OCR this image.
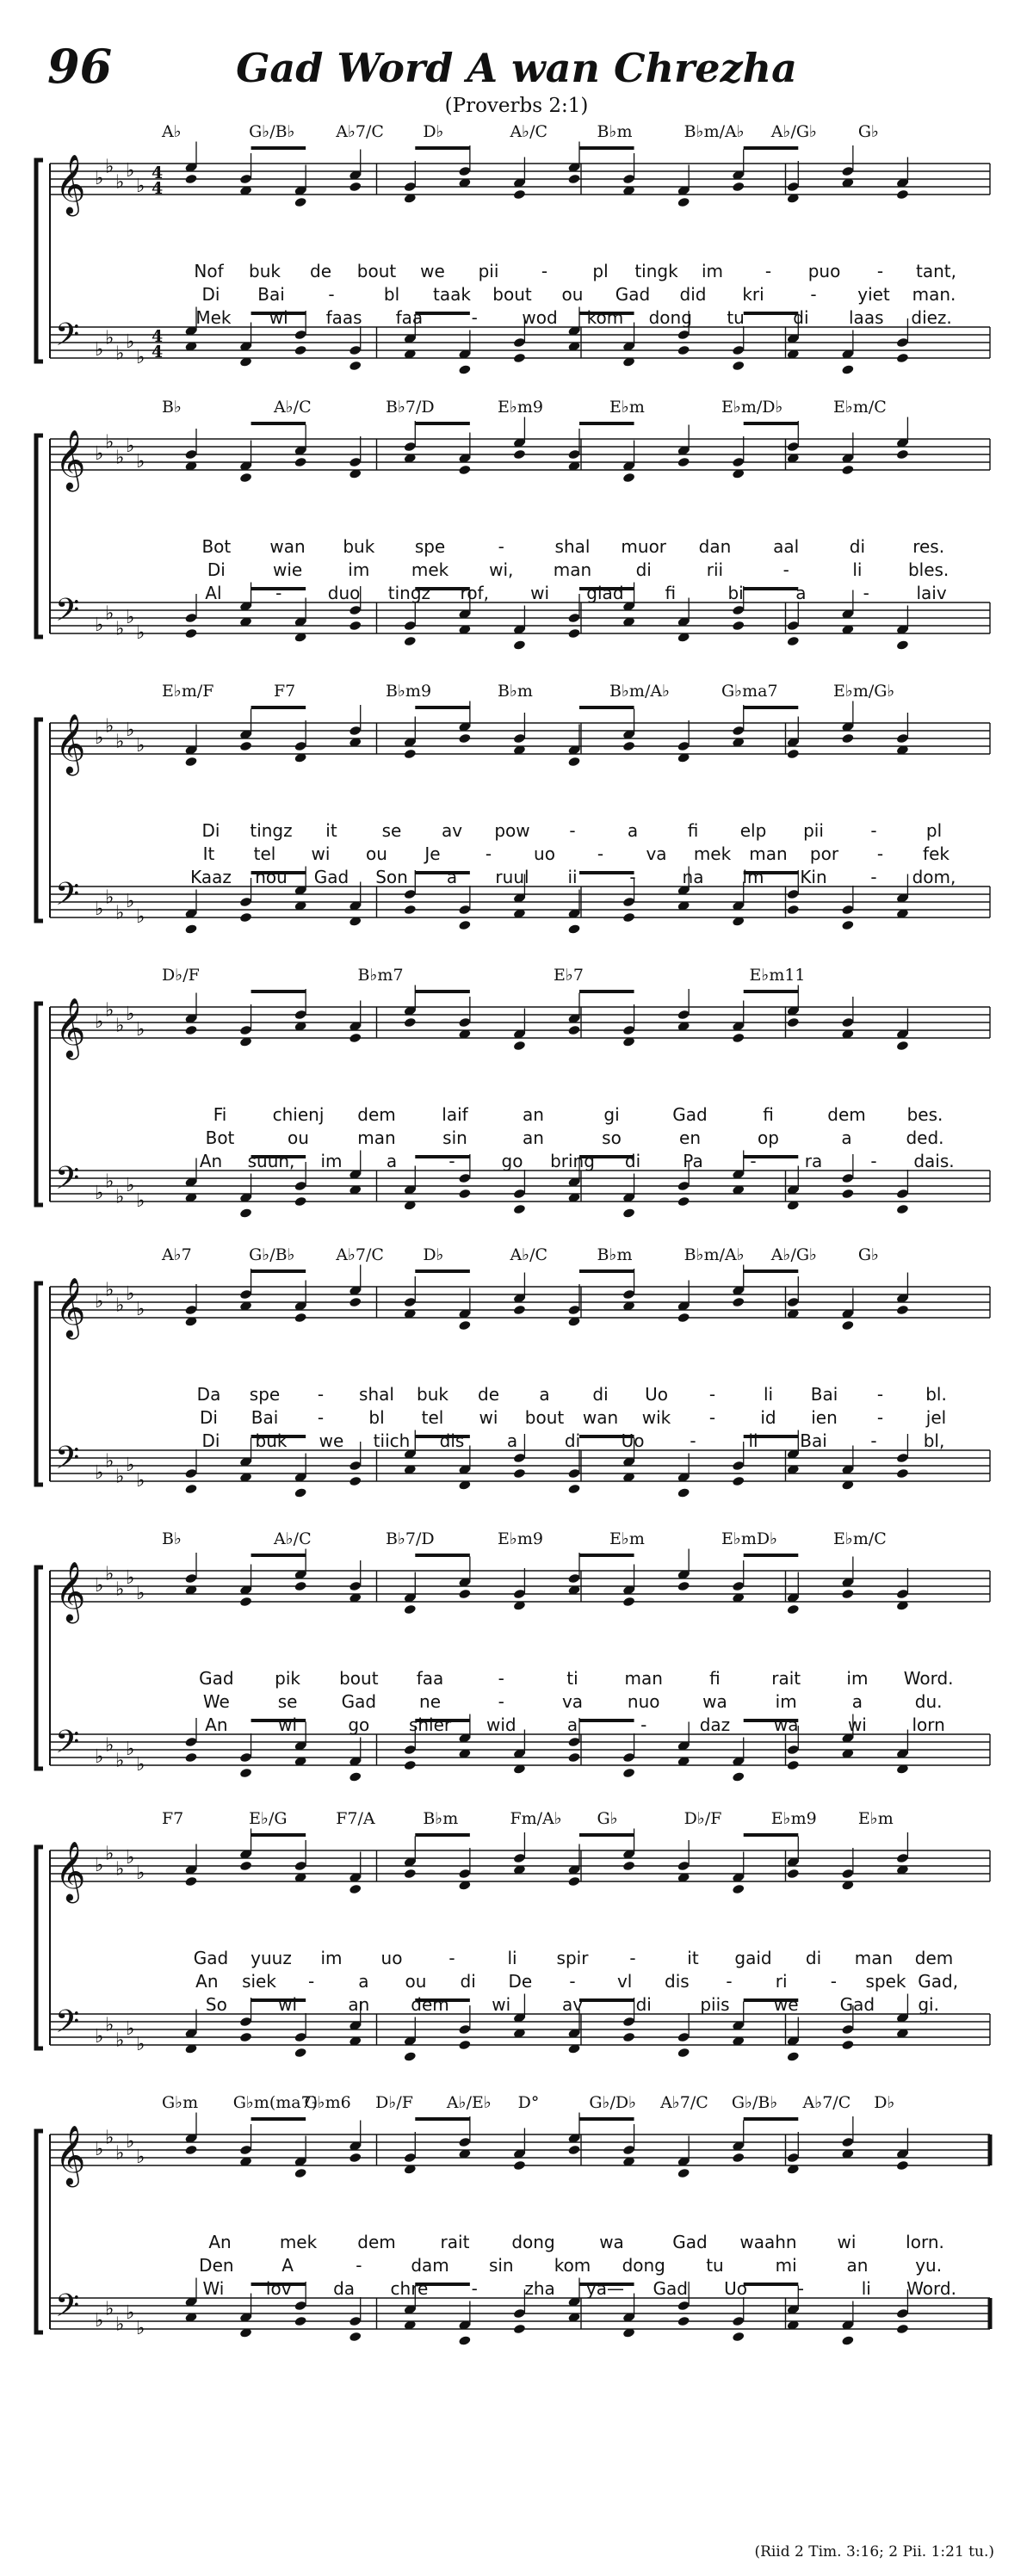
96	Gad Word A wan Chrezha
(Proverbs 2:1)
𝄞
𝄢
♭
♭
♭
♭
♭
♭
♭
♭
♭
♭
4
4
4
4
A♭	G♭/B♭	A♭7/C D♭	A♭/C	B♭m	B♭m/A♭ A♭/G♭	G♭
Nof buk de bout we pii -	pl tingk im - puo - tant,
Di Bai	-	bl taak bout ou Gad did kri	- yiet man.
Mek wi faas faa	-	wod kom dong tu	di laas diez.
𝄞
𝄢
♭
♭
♭
♭
♭
♭
♭
♭
♭
♭
B♭	A♭/C	B♭7/D	E♭m9	E♭m	E♭m/D♭	E♭m/C
Bot wan buk spe	-	shal muor dan aal	di	res.
Di	wie	im mek wi, man	di	rii	-	li	bles.
Al	-	duo tingz rof, wi glad fi	bi	a	-	laiv
𝄞
𝄢
♭
♭
♭
♭
♭
♭
♭
♭
♭
♭
E♭m/F	F7	B♭m9	B♭m	B♭m/A♭	G♭ma7	E♭m/G♭
Di tingz it	se av pow -	a	fi elp pii	-	pl
It tel wi ou Je	- uo - va mek man por - fek
Kaaz nou Gad Son a ruul ii	-	na im Kin	- dom,
𝄞
𝄢
♭
♭
♭
♭
♭
♭
♭
♭
♭
♭
D♭/F	B♭m7	E♭7	E♭m11
Fi	chienj dem	laif	an	gi	Gad	fi	dem bes.
Bot	ou	man	sin	an	so	en	op	a	ded.
An suun, im	a	-	go bring di Pa	-	ra	- dais.
𝄞
𝄢
♭
♭
♭
♭
♭
♭
♭
♭
♭
♭
A♭7	G♭/B♭	A♭7/C D♭	A♭/C	B♭m	B♭m/A♭ A♭/G♭	G♭
Da spe - shal buk de a di Uo -	li Bai - bl.
Di Bai -	bl tel wi bout wan wik -	id ien - jel
Di buk we tiich dis a	di Uo	-	li Bai	-	bl,
𝄞
𝄢
♭
♭
♭
♭
♭
♭
♭
♭
♭
♭
B♭	A♭/C	B♭7/D	E♭m9	E♭m	E♭mD♭	E♭m/C
Gad pik bout faa	-	ti	man	fi	rait	im Word.
We	se	Gad	ne	-	va	nuo wa	im	a	du.
An	wi	go shier wid	a	-	daz	wa	wi	lorn
𝄞
𝄢
♭
♭
♭
♭
♭
♭
♭
♭
♭
♭
F7	E♭/G	F7/A	B♭m	Fm/A♭ G♭	D♭/F	E♭m9	E♭m
Gad yuuz im uo	-	li spir -	it gaid di man dem
An siek -	a ou di De - vl dis -	ri	- spek Gad,
So	wi	an dem wi	av	di	piis	we Gad	gi.
𝄞
𝄢
♭
♭
♭
♭
♭
♭
♭
♭
♭
♭
G♭m G♭m(ma7)
G♭m6 D♭/F A♭/E♭ D°	G♭/D♭ A♭7/C G♭/B♭ A♭7/C D♭
An	mek dem	rait dong	wa	Gad waahn wi	lorn.
Den	A	-	dam sin kom dong tu	mi	an	yu.
Wi lov da chre	-	zha ya— Gad Uo	-	li Word.
(Riid 2 Tim. 3:16; 2 Pii. 1:21 tu.)
